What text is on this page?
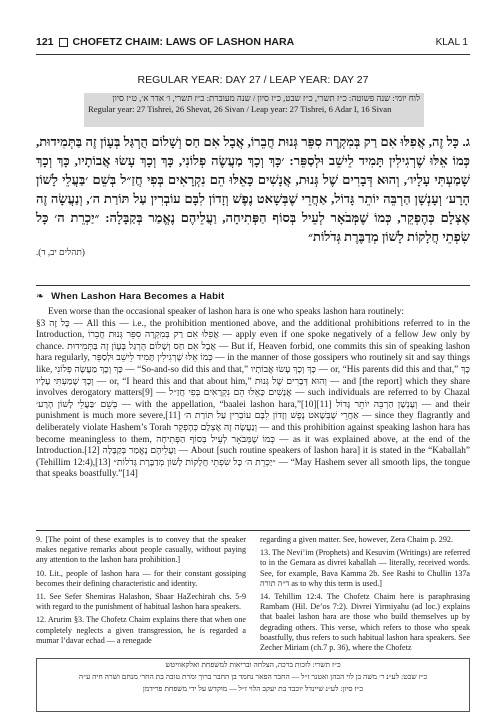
121 CHOFETZ CHAIM: LAWS OF LASHON HARA	KLAL 1
REGULAR YEAR: DAY 27 / LEAP YEAR: DAY 27
לוח יומי: שנה פשוטה: כ״ז תשרי, כ״ז שבט, כ״ז סיון / שנה מעוברת: כ״ז תשרי, ו׳ אדר א׳, ט״ז סיון
Regular year: 27 Tishrei, 26 Shevat, 26 Sivan / Leap year: 27 Tishrei, 6 Adar I, 16 Sivan
ג. כָּל זֶה, אֲפִלּוּ אִם רַק בְּמִקְרֶה סִפֵּר גְּנוּת חֲבֵרוֹ, אֲבָל אִם חַס וְשָׁלוֹם הֻרְגַּל בְּעָוֹן זֶה בַּתְּמִידוּת, כְּמוֹ אֵלּוּ שֶׁרְגִילִין תָּמִיד לֵישֵׁב וּלְסַפֵּר: ׳כָּךְ וְכָךְ מַעֲשֶׂה פְלוֹנִי, כָּךְ וְכָךְ עָשׂוּ אֲבוֹתָיו, כָּךְ וְכָךְ שָׁמַעְתִּי עָלָיו׳, וְהוּא דְּבָרִים שֶׁל גְּנוּת, אֲנָשִׁים כָּאֵלּוּ הֵם נִקְרָאִים בְּפִי חֲזַ״ל בְּשֵׁם ׳בַּעֲלֵי לָשׁוֹן הָרָע׳ וְעָנְשָׁן הַרְבֵּה יוֹתֵר גָּדוֹל, אַחֲרֵי שֶׁבְּשָׁאט נֶפֶשׁ וְזָדוֹן לִבָּם עוֹבְרִין עַל תּוֹרַת ה׳, וְנַעֲשָׂה זֶה אֶצְלָם כְּהֶפְקֵר, כְּמוֹ שֶׁמְּבֹאָר לְעֵיל בְּסוֹף הַפְּתִיחָה, וַעֲלֵיהֶם נֶאֱמַר בְּקַבָּלָה: ״יַכְרֵת ה׳ כָּל שִׂפְתֵי חֲלָקוֹת לָשׁוֹן מְדַבֶּרֶת גְּדֹלוֹת״
(תהלים יב, ד).
❧ When Lashon Hara Becomes a Habit

Even worse than the occasional speaker of lashon hara is one who speaks lashon hara routinely:

§3 כָּל זֶה — All this — i.e., the prohibition mentioned above, and the additional prohibitions referred to in the Introduction, אֲפִלּוּ אִם רַק בְּמִקְרֶה סִפֵּר גְּנוּת חֲבֵרוֹ — apply even if one spoke negatively of a fellow Jew only by chance. אֲבָל אִם חַס וְשָׁלוֹם הֻרְגַּל בְּעָוֹן זֶה בַּתְּמִידוּת — But if, Heaven forbid, one commits this sin of speaking lashon hara regularly, כְּמוֹ אֵלּוּ שֶׁרְגִילִין תָּמִיד לֵישֵׁב וּלְסַפֵּר — in the manner of those gossipers who routinely sit and say things like, כָּךְ וְכָךְ מַעֲשֶׂה פְלוֹנִי — “So-and-so did this and that,” כָּךְ וְכָךְ עָשׂוּ אֲבוֹתָיו — or, “His parents did this and that,” כָּךְ וְכָךְ שָׁמַעְתִּי עָלָיו — or, “I heard this and that about him,” וְהוּא דְּבָרִים שֶׁל גְּנוּת — and [the report] which they share involves derogatory matters[9] — אֲנָשִׁים כָּאֵלּוּ הֵם נִקְרָאִים בְּפִי חֲזַ״ל — such individuals are referred to by Chazal בְּשֵׁם ׳בַּעֲלֵי לָשׁוֹן הָרָע׳ — with the appellation, “baalei lashon hara,”[10][11] וְעָנְשָׁן הַרְבֵּה יוֹתֵר גָּדוֹל — and their punishment is much more severe,[11] אַחֲרֵי שֶׁבְּשָׁאט נֶפֶשׁ וְזָדוֹן לִבָּם עוֹבְרִין עַל תּוֹרַת ה׳ — since they flagrantly and deliberately violate Hashem’s Torah וְנַעֲשָׂה זֶה אֶצְלָם כְּהֶפְקֵר — and this prohibition against speaking lashon hara has become meaningless to them, כְּמוֹ שֶׁמְּבֹאָר לְעֵיל בְּסוֹף הַפְּתִיחָה — as it was explained above, at the end of the Introduction.[12] וַעֲלֵיהֶם נֶאֱמַר בְּקַבָּלָה — About [such routine speakers of lashon hara] it is stated in the “Kaballah” (Tehillim 12:4),[13] ״יַכְרֵת ה׳ כָּל שִׂפְתֵי חֲלָקוֹת לָשׁוֹן מְדַבֶּרֶת גְּדֹלוֹת״ — “May Hashem sever all smooth lips, the tongue that speaks boastfully.”[14]

9. [The point of these examples is to convey that the speaker makes negative remarks about people casually, without paying any attention to the lashon hara prohibition.]

10. Lit., people of lashon hara — for their constant gossiping becomes their defining characteristic and identity.

11. See Sefer Shemiras Halashon, Shaar HaZechirah chs. 5-9 with regard to the punishment of habitual lashon hara speakers.

12. Arurim §3. The Chofetz Chaim explains there that when one completely neglects a given transgression, he is regarded a mumar l’davar echad — a renegade

regarding a given matter. See, however, Zera Chaim p. 292.

13. The Nevi’im (Prophets) and Kesuvim (Writings) are referred to in the Gemara as divrei kaballah — literally, received words. See, for example, Bava Kamma 2b. See Rashi to Chullin 137a ד״ה תורה as to why this term is used.]

14. Tehillim 12:4. The Chofetz Chaim here is paraphrasing Rambam (Hil. De’os 7:2). Divrei Yirmiyahu (ad loc.) explains that baalei lashon hara are those who build themselves up by degrading others. This verse, which refers to those who speak boastfully, thus refers to such habitual lashon hara speakers. See Zecher Miriam (ch.7 p. 36), where the Chofetz

כ״ז תשרי: לזכות ברכה, הצלחה ובריאות למשפחת ואלקאוויטש
כ״ז שבט: לע״נ ר׳ משה בן לוי הכהן ואטנר ז״ל — החבר הפאר נחמד בן החבר ברוך ומרת טובה בת החר׳ מנחם ושרה חיה ע״ה
כ״ז סיון: לע״נ שיינדל יוכבד בת יעקב הלוי ז״ל — מוקדש על ידי משפחת פרידמן
